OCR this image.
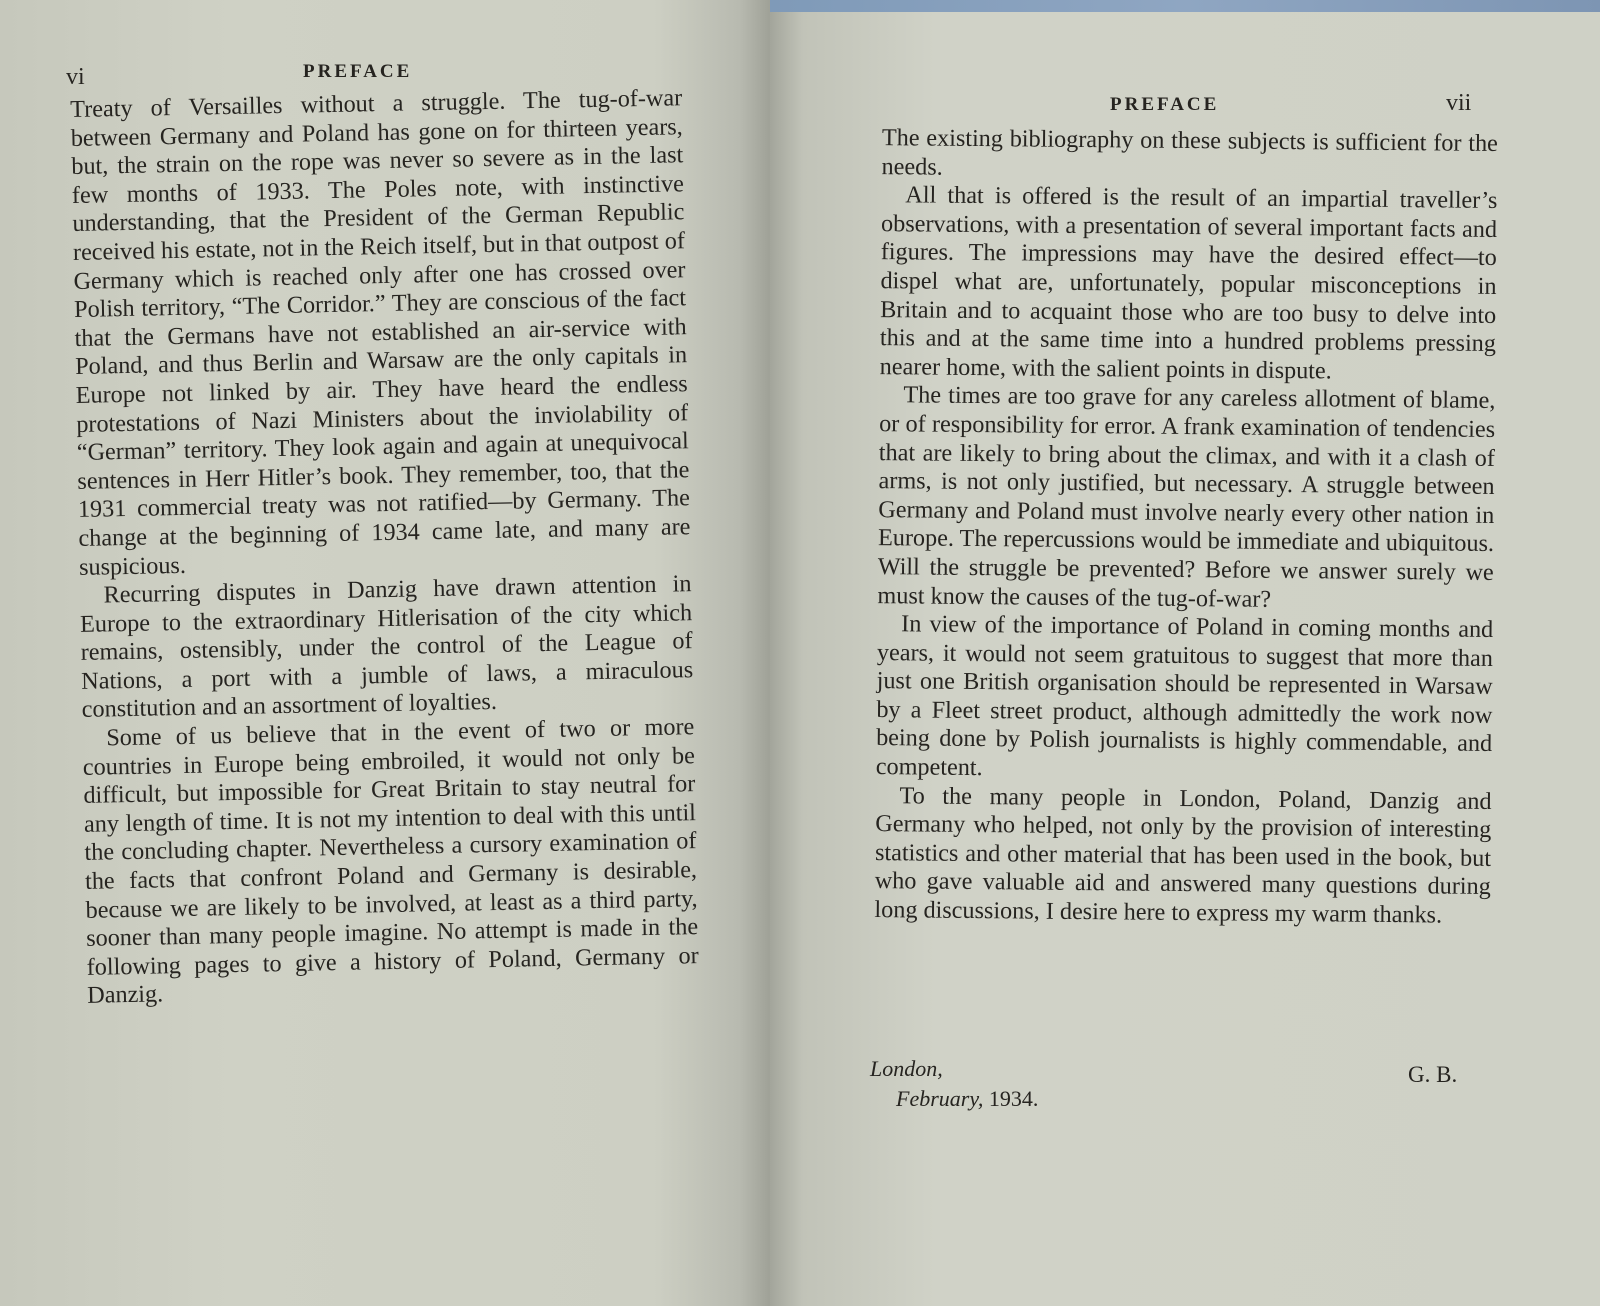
vi	PREFACE

Treaty of Versailles without a struggle. The tug-of-war between Germany and Poland has gone on for thirteen years, but, the strain on the rope was never so severe as in the last few months of 1933. The Poles note, with instinctive understanding, that the President of the German Republic received his estate, not in the Reich itself, but in that outpost of Germany which is reached only after one has crossed over Polish territory, “The Corridor.” They are conscious of the fact that the Germans have not established an air-service with Poland, and thus Berlin and Warsaw are the only capitals in Europe not linked by air. They have heard the endless protestations of Nazi Ministers about the inviolability of “German” territory. They look again and again at unequivocal sentences in Herr Hitler’s book. They remember, too, that the 1931 commercial treaty was not ratified—by Germany. The change at the beginning of 1934 came late, and many are suspicious.

Recurring disputes in Danzig have drawn attention in Europe to the extraordinary Hitlerisation of the city which remains, ostensibly, under the control of the League of Nations, a port with a jumble of laws, a miraculous constitution and an assortment of loyalties.

Some of us believe that in the event of two or more countries in Europe being embroiled, it would not only be difficult, but impossible for Great Britain to stay neutral for any length of time. It is not my intention to deal with this until the concluding chapter. Nevertheless a cursory examination of the facts that confront Poland and Germany is desirable, because we are likely to be involved, at least as a third party, sooner than many people imagine. No attempt is made in the following pages to give a history of Poland, Germany or Danzig.

PREFACE	vii

The existing bibliography on these subjects is sufficient for the needs.

All that is offered is the result of an impartial traveller’s observations, with a presentation of several important facts and figures. The impressions may have the desired effect—to dispel what are, unfortunately, popular misconceptions in Britain and to acquaint those who are too busy to delve into this and at the same time into a hundred problems pressing nearer home, with the salient points in dispute.

The times are too grave for any careless allotment of blame, or of responsibility for error. A frank examination of tendencies that are likely to bring about the climax, and with it a clash of arms, is not only justified, but necessary. A struggle between Germany and Poland must involve nearly every other nation in Europe. The repercussions would be immediate and ubiquitous. Will the struggle be prevented? Before we answer surely we must know the causes of the tug-of-war?

In view of the importance of Poland in coming months and years, it would not seem gratuitous to suggest that more than just one British organisation should be represented in Warsaw by a Fleet street product, although admittedly the work now being done by Polish journalists is highly commendable, and competent.

To the many people in London, Poland, Danzig and Germany who helped, not only by the provision of interesting statistics and other material that has been used in the book, but who gave valuable aid and answered many questions during long discussions, I desire here to express my warm thanks.

London,
February, 1934.
G. B.
